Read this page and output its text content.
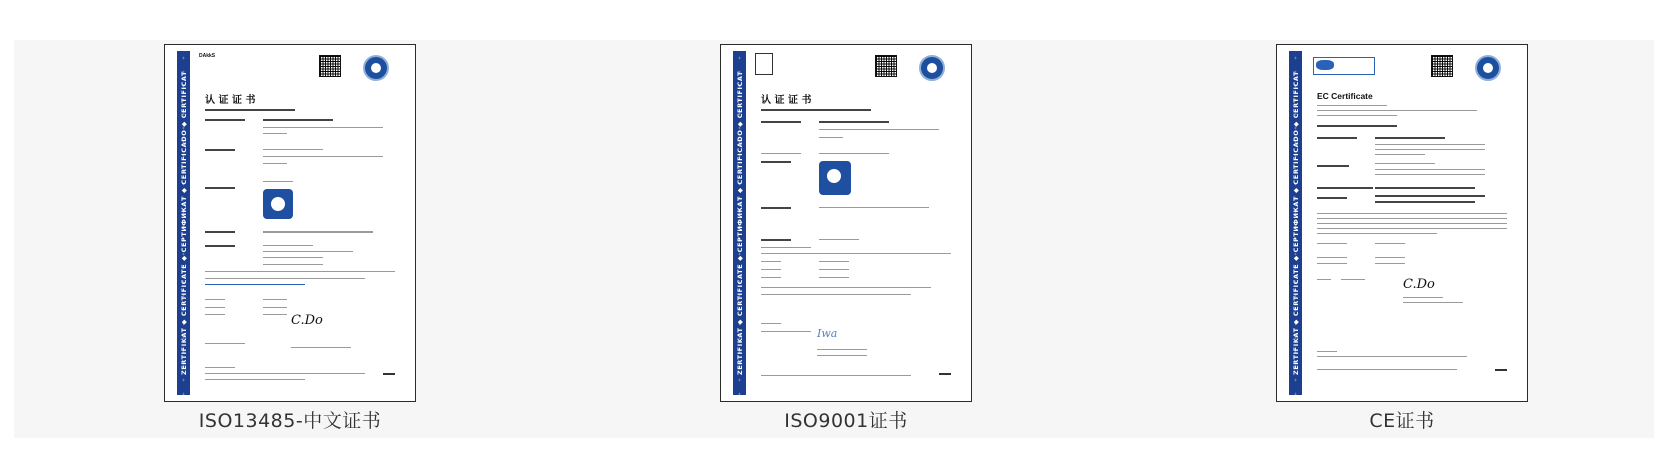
ZERTIFIKAT ◆ CERTIFICATE ◆ СЕРТИФИКАТ ◆ CERTIFICADO ◆ CERTIFICAT
DAkkS
认 证 证 书
C.Do
ISO13485-中文证书
ZERTIFIKAT ◆ CERTIFICATE ◆ СЕРТИФИКАТ ◆ CERTIFICADO ◆ CERTIFICAT 认 证 证 书
Iwa
ISO9001证书
ZERTIFIKAT ◆ CERTIFICATE ◆ СЕРТИФИКАТ ◆ CERTIFICADO ◆ CERTIFICAT EC Certificate
C.Do
CE证书
